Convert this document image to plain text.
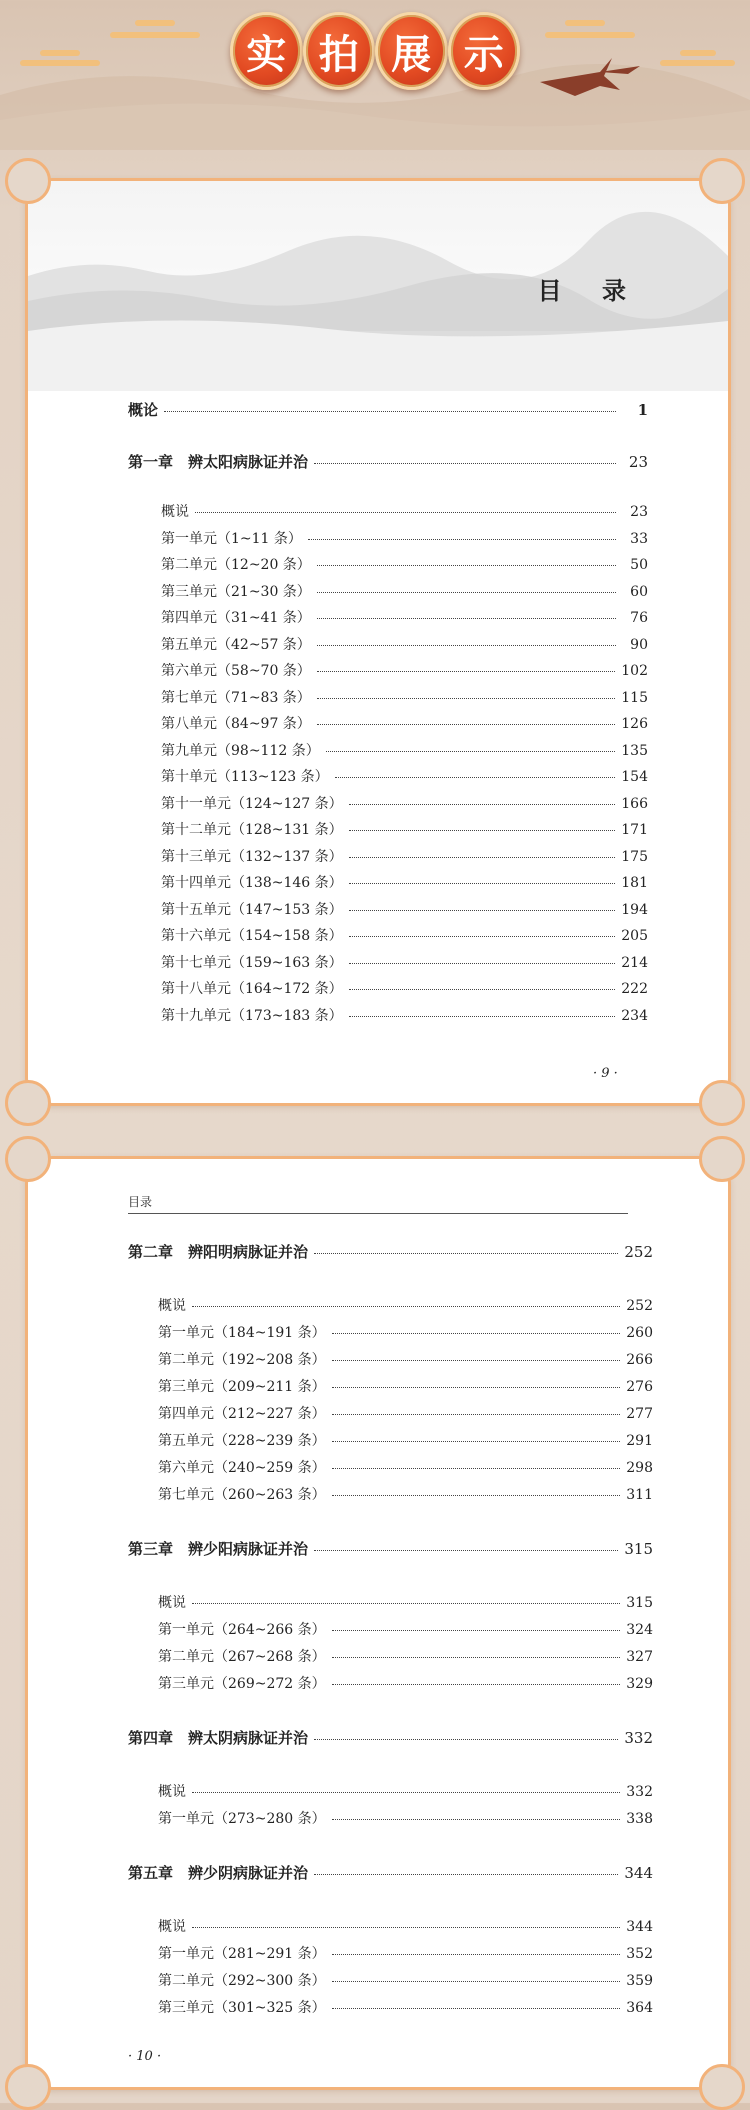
实 拍 展 示
目 录
概论	1
第一章　辨太阳病脉证并治	23
概说	23
第一单元（1~11 条）	33
第二单元（12~20 条）	50
第三单元（21~30 条）	60
第四单元（31~41 条）	76
第五单元（42~57 条）	90
第六单元（58~70 条）	102
第七单元（71~83 条）	115
第八单元（84~97 条）	126
第九单元（98~112 条）	135
第十单元（113~123 条）	154
第十一单元（124~127 条）	166
第十二单元（128~131 条）	171
第十三单元（132~137 条）	175
第十四单元（138~146 条）	181
第十五单元（147~153 条）	194
第十六单元（154~158 条）	205
第十七单元（159~163 条）	214
第十八单元（164~172 条）	222
第十九单元（173~183 条）	234
· 9 ·
目录
第二章　辨阳明病脉证并治	252
概说	252
第一单元（184~191 条）	260
第二单元（192~208 条）	266
第三单元（209~211 条）	276
第四单元（212~227 条）	277
第五单元（228~239 条）	291
第六单元（240~259 条）	298
第七单元（260~263 条）	311
第三章　辨少阳病脉证并治	315
概说	315
第一单元（264~266 条）	324
第二单元（267~268 条）	327
第三单元（269~272 条）	329
第四章　辨太阴病脉证并治	332
概说	332
第一单元（273~280 条）	338
第五章　辨少阴病脉证并治	344
概说	344
第一单元（281~291 条）	352
第二单元（292~300 条）	359
第三单元（301~325 条）	364
· 10 ·
